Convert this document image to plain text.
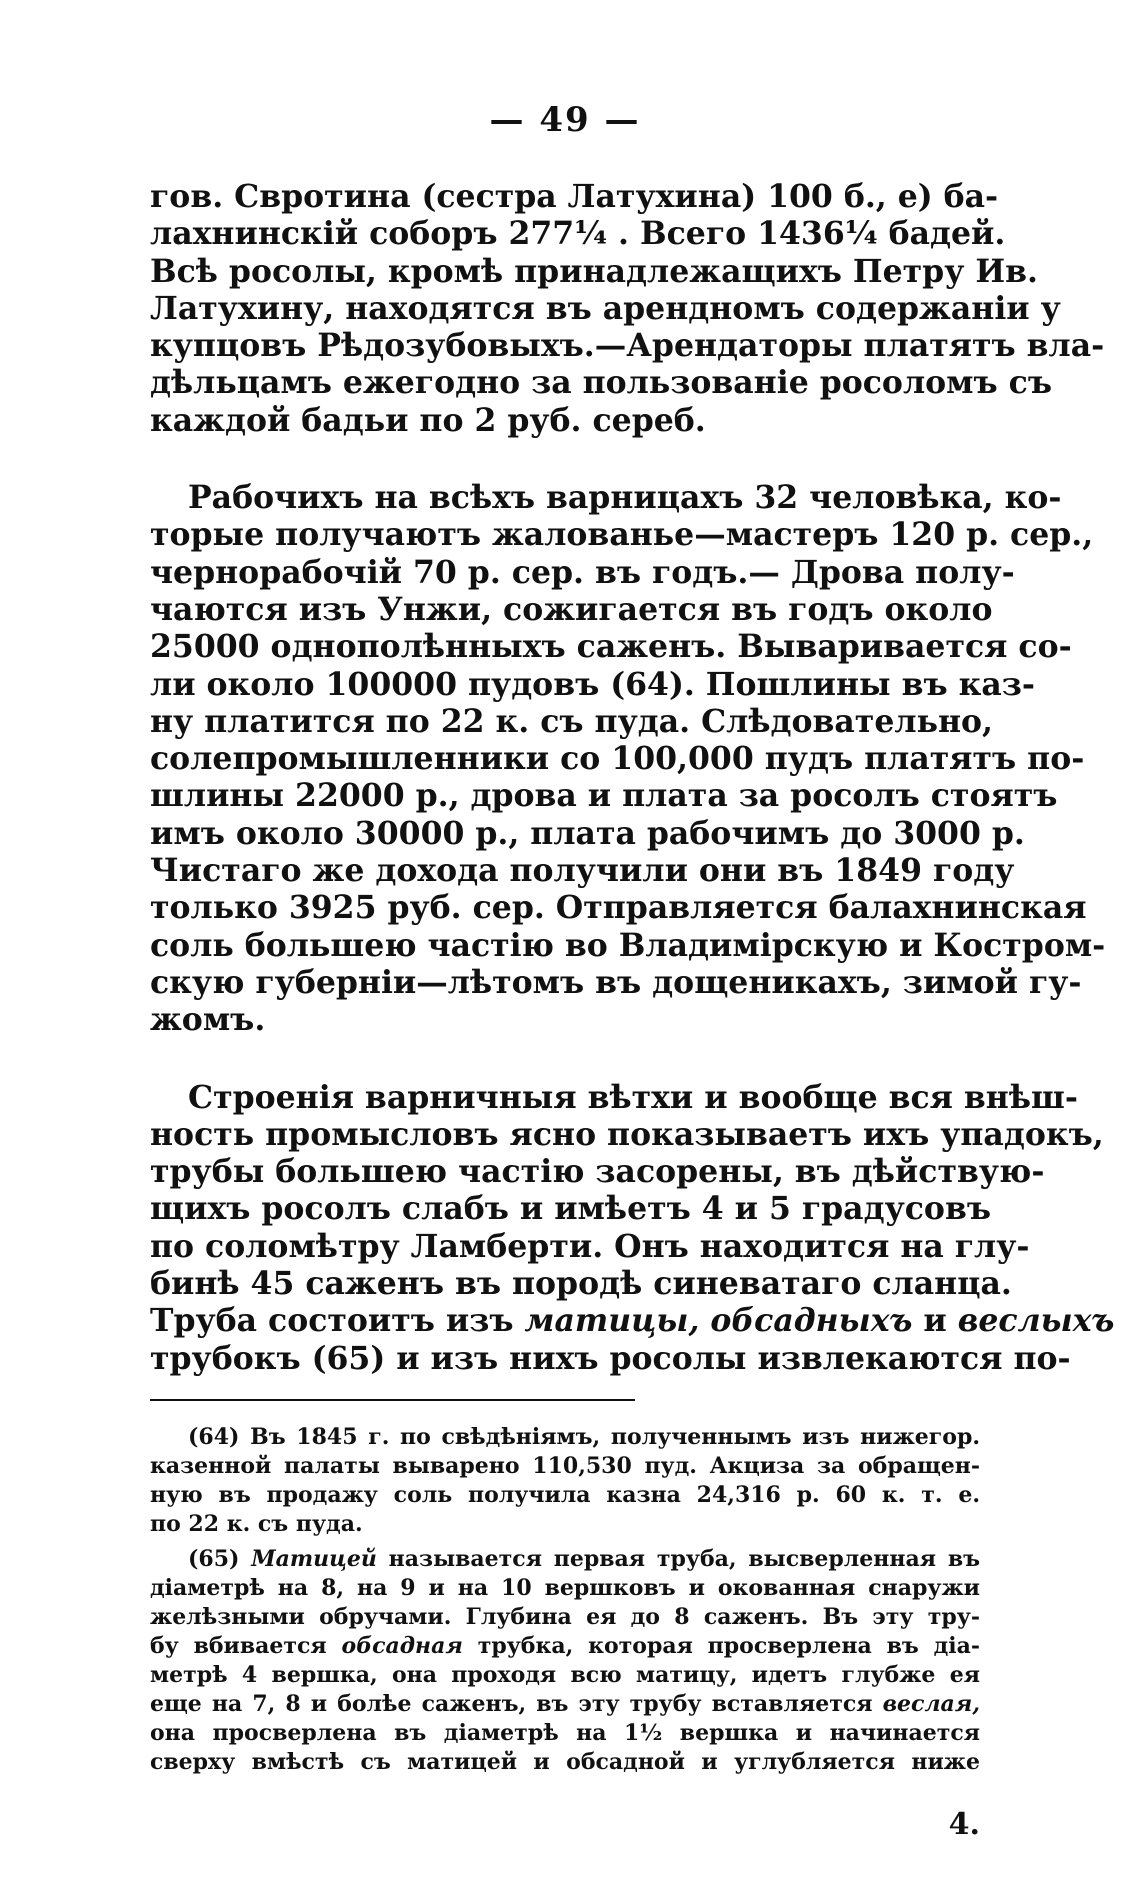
— 49 —
гов. Свротина (сестра Латухина) 100 б., е) ба-
лахнинскій соборъ 277¼ . Всего 1436¼ бадей.
Всѣ росолы, кромѣ принадлежащихъ Петру Ив.
Латухину, находятся въ арендномъ содержаніи у
купцовъ Рѣдозубовыхъ.—Арендаторы платятъ вла-
дѣльцамъ ежегодно за пользованіе росоломъ съ
каждой бадьи по 2 руб. сереб.
Рабочихъ на всѣхъ варницахъ 32 человѣка, ко-
торые получаютъ жалованье—мастеръ 120 р. сер.,
чернорабочій 70 р. сер. въ годъ.— Дрова полу-
чаются изъ Унжи, сожигается въ годъ около
25000 однополѣнныхъ саженъ. Вываривается со-
ли около 100000 пудовъ (64). Пошлины въ каз-
ну платится по 22 к. съ пуда. Слѣдовательно,
солепромышленники со 100,000 пудъ платятъ по-
шлины 22000 р., дрова и плата за росолъ стоятъ
имъ около 30000 р., плата рабочимъ до 3000 р.
Чистаго же дохода получили они въ 1849 году
только 3925 руб. сер. Отправляется балахнинская
соль большею частію во Владимірскую и Костром-
скую губерніи—лѣтомъ въ дощеникахъ, зимой гу-
жомъ.
Строенія варничныя вѣтхи и вообще вся внѣш-
ность промысловъ ясно показываетъ ихъ упадокъ,
трубы большею частію засорены, въ дѣйствую-
щихъ росолъ слабъ и имѣетъ 4 и 5 градусовъ
по соломѣтру Ламберти. Онъ находится на глу-
бинѣ 45 саженъ въ породѣ синеватаго сланца.
Труба состоитъ изъ матицы, обсадныхъ и веслыхъ
трубокъ (65) и изъ нихъ росолы извлекаются по-
(64) Въ 1845 г. по свѣдѣніямъ, полученнымъ изъ нижегор.
казенной палаты выварено 110,530 пуд. Акциза за обращен-
ную въ продажу соль получила казна 24,316 р. 60 к. т. е.
по 22 к. съ пуда.
(65) Матицей называется первая труба, высверленная въ
діаметрѣ на 8, на 9 и на 10 вершковъ и окованная снаружи
желѣзными обручами. Глубина ея до 8 саженъ. Въ эту тру-
бу вбивается обсадная трубка, которая просверлена въ діа-
метрѣ 4 вершка, она проходя всю матицу, идетъ глубже ея
еще на 7, 8 и болѣе саженъ, въ эту трубу вставляется веслая,
она просверлена въ діаметрѣ на 1½ вершка и начинается
сверху вмѣстѣ съ матицей и обсадной и углубляется ниже
4.
